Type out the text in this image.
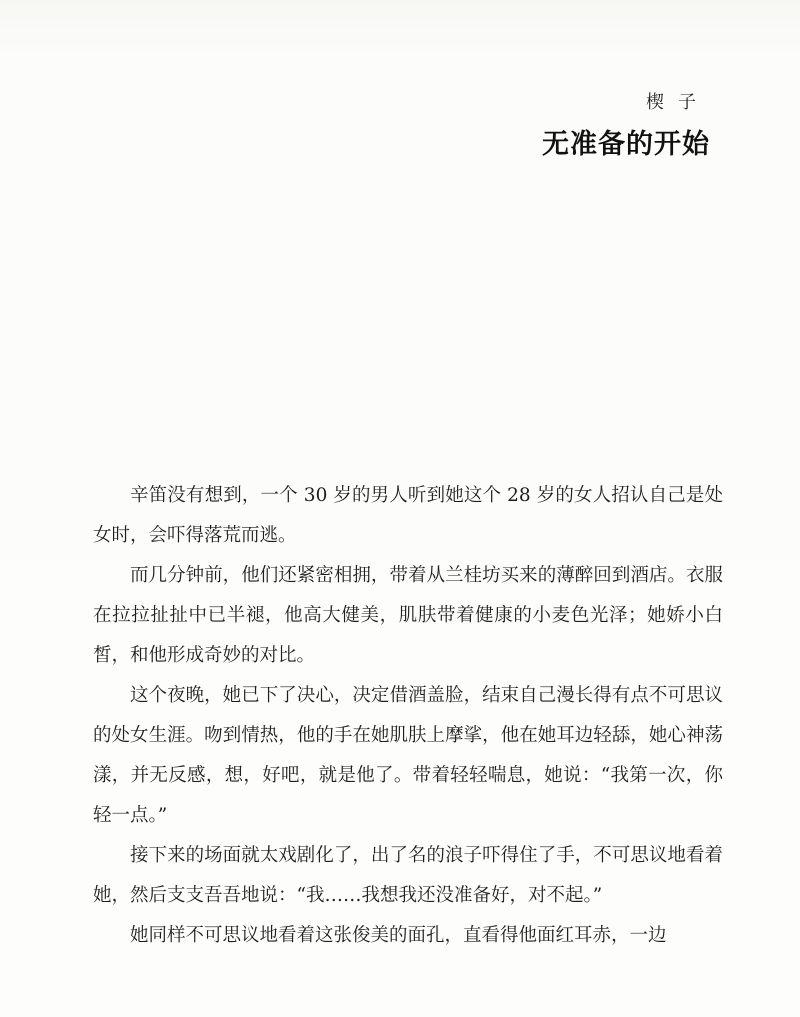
楔子
无准备的开始

辛笛没有想到，一个 30 岁的男人听到她这个 28 岁的女人招认自己是处女时，会吓得落荒而逃。

而几分钟前，他们还紧密相拥，带着从兰桂坊买来的薄醉回到酒店。衣服在拉拉扯扯中已半褪，他高大健美，肌肤带着健康的小麦色光泽；她娇小白皙，和他形成奇妙的对比。

这个夜晚，她已下了决心，决定借酒盖脸，结束自己漫长得有点不可思议的处女生涯。吻到情热，他的手在她肌肤上摩挲，他在她耳边轻舔，她心神荡漾，并无反感，想，好吧，就是他了。带着轻轻喘息，她说：“我第一次，你轻一点。”

接下来的场面就太戏剧化了，出了名的浪子吓得住了手，不可思议地看着她，然后支支吾吾地说：“我……我想我还没准备好，对不起。”

她同样不可思议地看着这张俊美的面孔，直看得他面红耳赤，一边
